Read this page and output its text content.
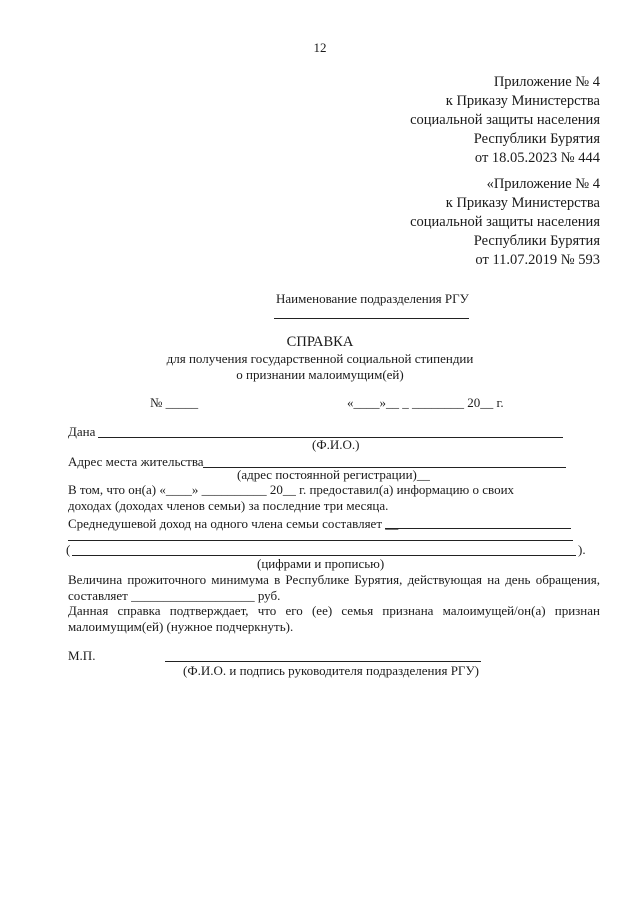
12
Приложение № 4
к Приказу Министерства
социальной защиты населения
Республики Бурятия
от 18.05.2023 № 444
«Приложение № 4
к Приказу Министерства
социальной защиты населения
Республики Бурятия
от 11.07.2019 № 593
Наименование подразделения РГУ
СПРАВКА
для получения государственной социальной стипендии
о признании малоимущим(ей)
№ _____	«____»__ _ ________ 20__ г.
Дана
(Ф.И.О.)
Адрес места жительства
(адрес постоянной регистрации)__
В том, что он(а) «____» __________ 20__ г. предоставил(а) информацию о своих
доходах (доходах членов семьи) за последние три месяца.
Среднедушевой доход на одного члена семьи составляет __
(	).
(цифрами и прописью)
Величина прожиточного минимума в Республике Бурятия, действующая на день обращения,
составляет ___________________ руб.
Данная справка подтверждает, что его (ее) семья признана малоимущей/он(а) признан
малоимущим(ей) (нужное подчеркнуть).
М.П.
(Ф.И.О. и подпись руководителя подразделения РГУ)
